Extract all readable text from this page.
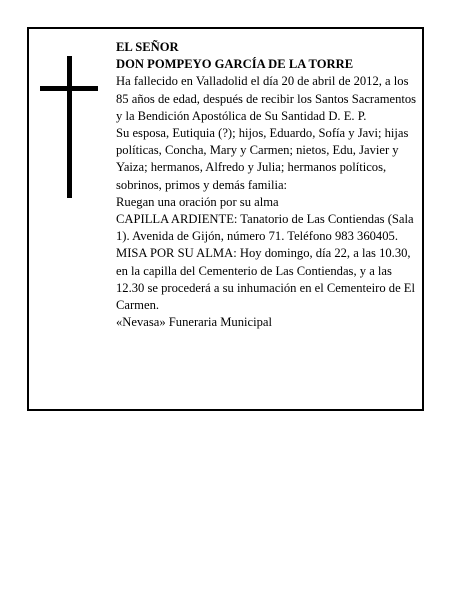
EL SEÑOR

DON POMPEYO GARCÍA DE LA TORRE

Ha fallecido en Valladolid el día 20 de abril de 2012, a los 85 años de edad, después de recibir los Santos Sacramentos y la Bendición Apostólica de Su Santidad D. E. P.

Su esposa, Eutiquia (?); hijos, Eduardo, Sofía y Javi; hijas políticas, Concha, Mary y Carmen; nietos, Edu, Javier y Yaiza; hermanos, Alfredo y Julia; hermanos políticos, sobrinos, primos y demás familia:

Ruegan una oración por su alma

CAPILLA ARDIENTE: Tanatorio de Las Contiendas (Sala 1). Avenida de Gijón, número 71. Teléfono 983 360405.

MISA POR SU ALMA: Hoy domingo, día 22, a las 10.30, en la capilla del Cementerio de Las Contiendas, y a las 12.30 se procederá a su inhumación en el Cementeiro de El Carmen.

«Nevasa» Funeraria Municipal
